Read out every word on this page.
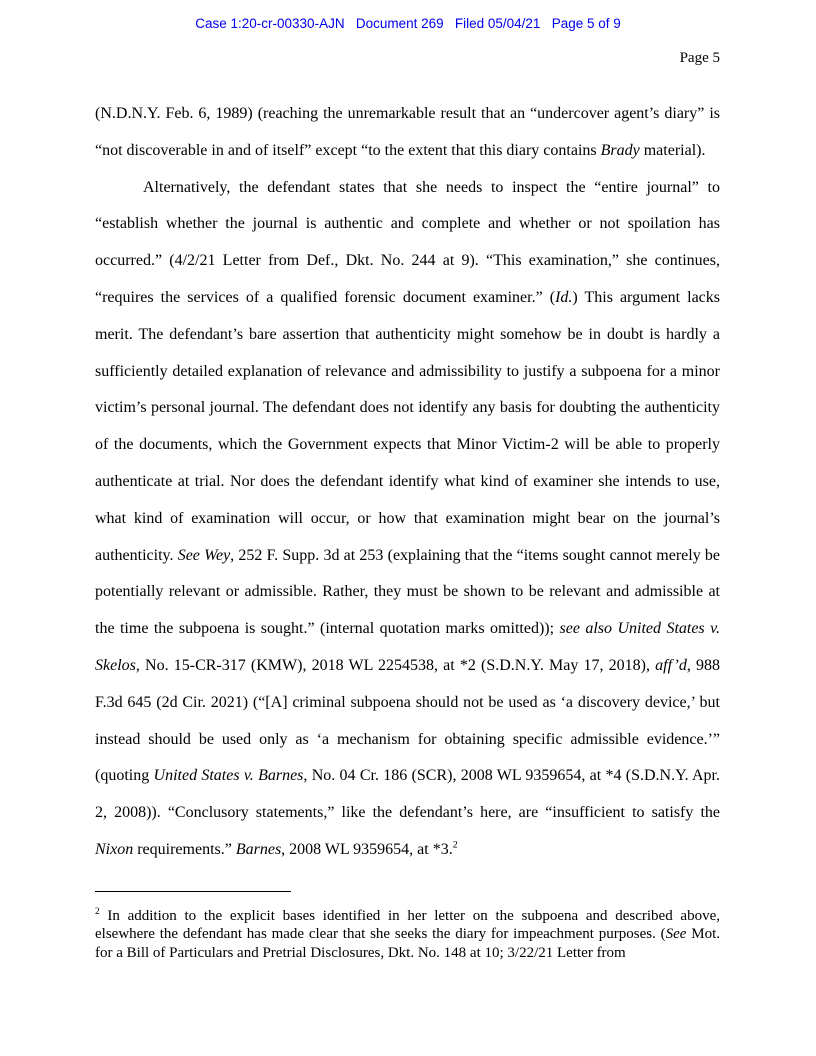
Case 1:20-cr-00330-AJN   Document 269   Filed 05/04/21   Page 5 of 9
Page 5

(N.D.N.Y. Feb. 6, 1989) (reaching the unremarkable result that an “undercover agent’s diary” is “not discoverable in and of itself” except “to the extent that this diary contains Brady material).

Alternatively, the defendant states that she needs to inspect the “entire journal” to “establish whether the journal is authentic and complete and whether or not spoilation has occurred.” (4/2/21 Letter from Def., Dkt. No. 244 at 9). “This examination,” she continues, “requires the services of a qualified forensic document examiner.” (Id.) This argument lacks merit. The defendant’s bare assertion that authenticity might somehow be in doubt is hardly a sufficiently detailed explanation of relevance and admissibility to justify a subpoena for a minor victim’s personal journal. The defendant does not identify any basis for doubting the authenticity of the documents, which the Government expects that Minor Victim-2 will be able to properly authenticate at trial. Nor does the defendant identify what kind of examiner she intends to use, what kind of examination will occur, or how that examination might bear on the journal’s authenticity. See Wey, 252 F. Supp. 3d at 253 (explaining that the “items sought cannot merely be potentially relevant or admissible. Rather, they must be shown to be relevant and admissible at the time the subpoena is sought.” (internal quotation marks omitted)); see also United States v. Skelos, No. 15-CR-317 (KMW), 2018 WL 2254538, at *2 (S.D.N.Y. May 17, 2018), aff’d, 988 F.3d 645 (2d Cir. 2021) (“[A] criminal subpoena should not be used as ‘a discovery device,’ but instead should be used only as ‘a mechanism for obtaining specific admissible evidence.’” (quoting United States v. Barnes, No. 04 Cr. 186 (SCR), 2008 WL 9359654, at *4 (S.D.N.Y. Apr. 2, 2008)). “Conclusory statements,” like the defendant’s here, are “insufficient to satisfy the Nixon requirements.” Barnes, 2008 WL 9359654, at *3.$^2$

$^2$ In addition to the explicit bases identified in her letter on the subpoena and described above, elsewhere the defendant has made clear that she seeks the diary for impeachment purposes. (See Mot. for a Bill of Particulars and Pretrial Disclosures, Dkt. No. 148 at 10; 3/22/21 Letter from
